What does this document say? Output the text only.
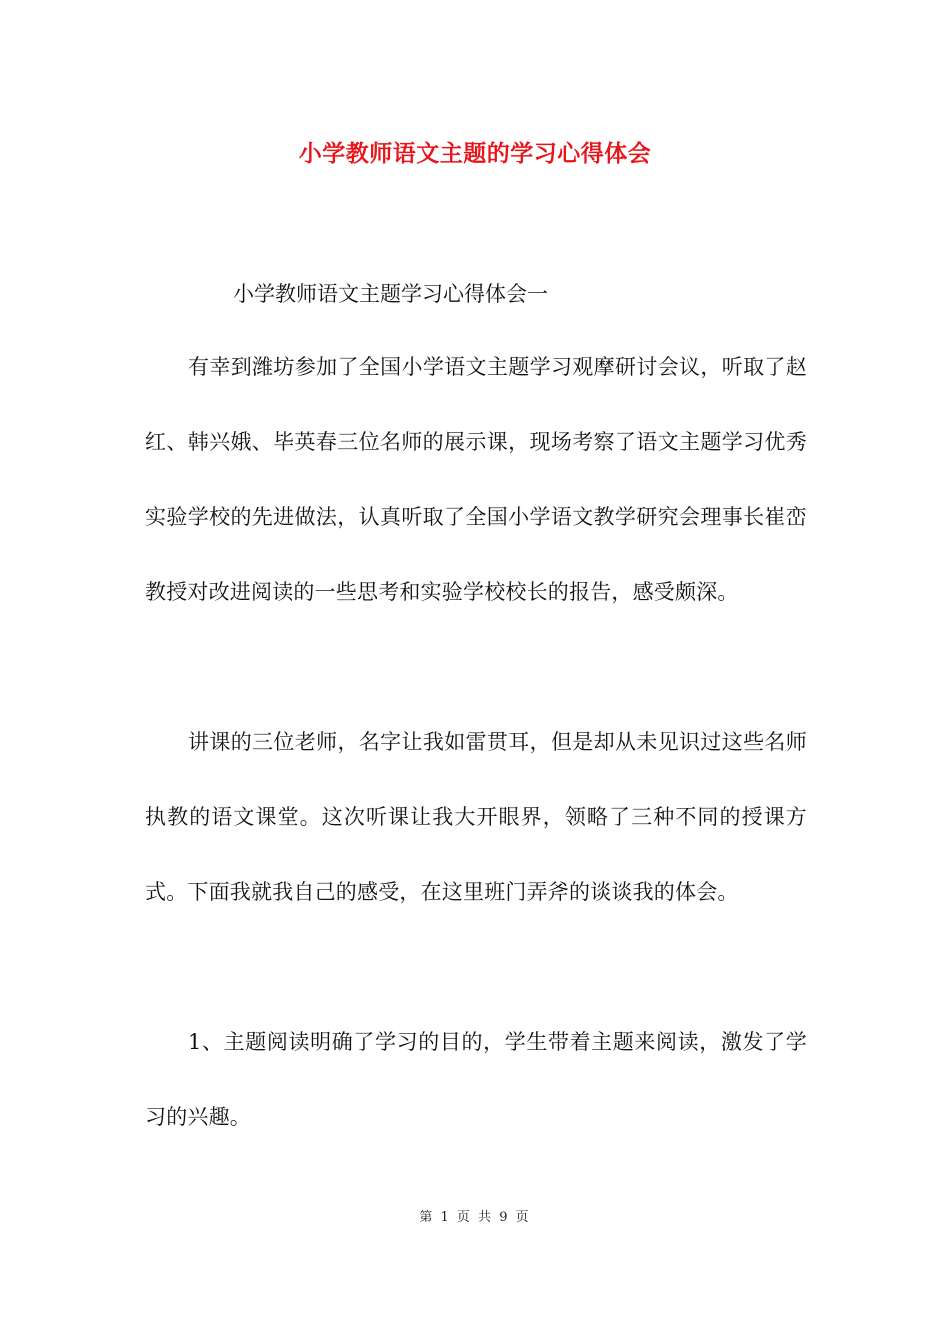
小学教师语文主题的学习心得体会
小学教师语文主题学习心得体会一

有幸到潍坊参加了全国小学语文主题学习观摩研讨会议，听取了赵红、韩兴娥、毕英春三位名师的展示课，现场考察了语文主题学习优秀实验学校的先进做法，认真听取了全国小学语文教学研究会理事长崔峦教授对改进阅读的一些思考和实验学校校长的报告，感受颇深。

讲课的三位老师，名字让我如雷贯耳，但是却从未见识过这些名师执教的语文课堂。这次听课让我大开眼界，领略了三种不同的授课方式。下面我就我自己的感受，在这里班门弄斧的谈谈我的体会。

1、主题阅读明确了学习的目的，学生带着主题来阅读，激发了学习的兴趣。

第 1 页 共 9 页
